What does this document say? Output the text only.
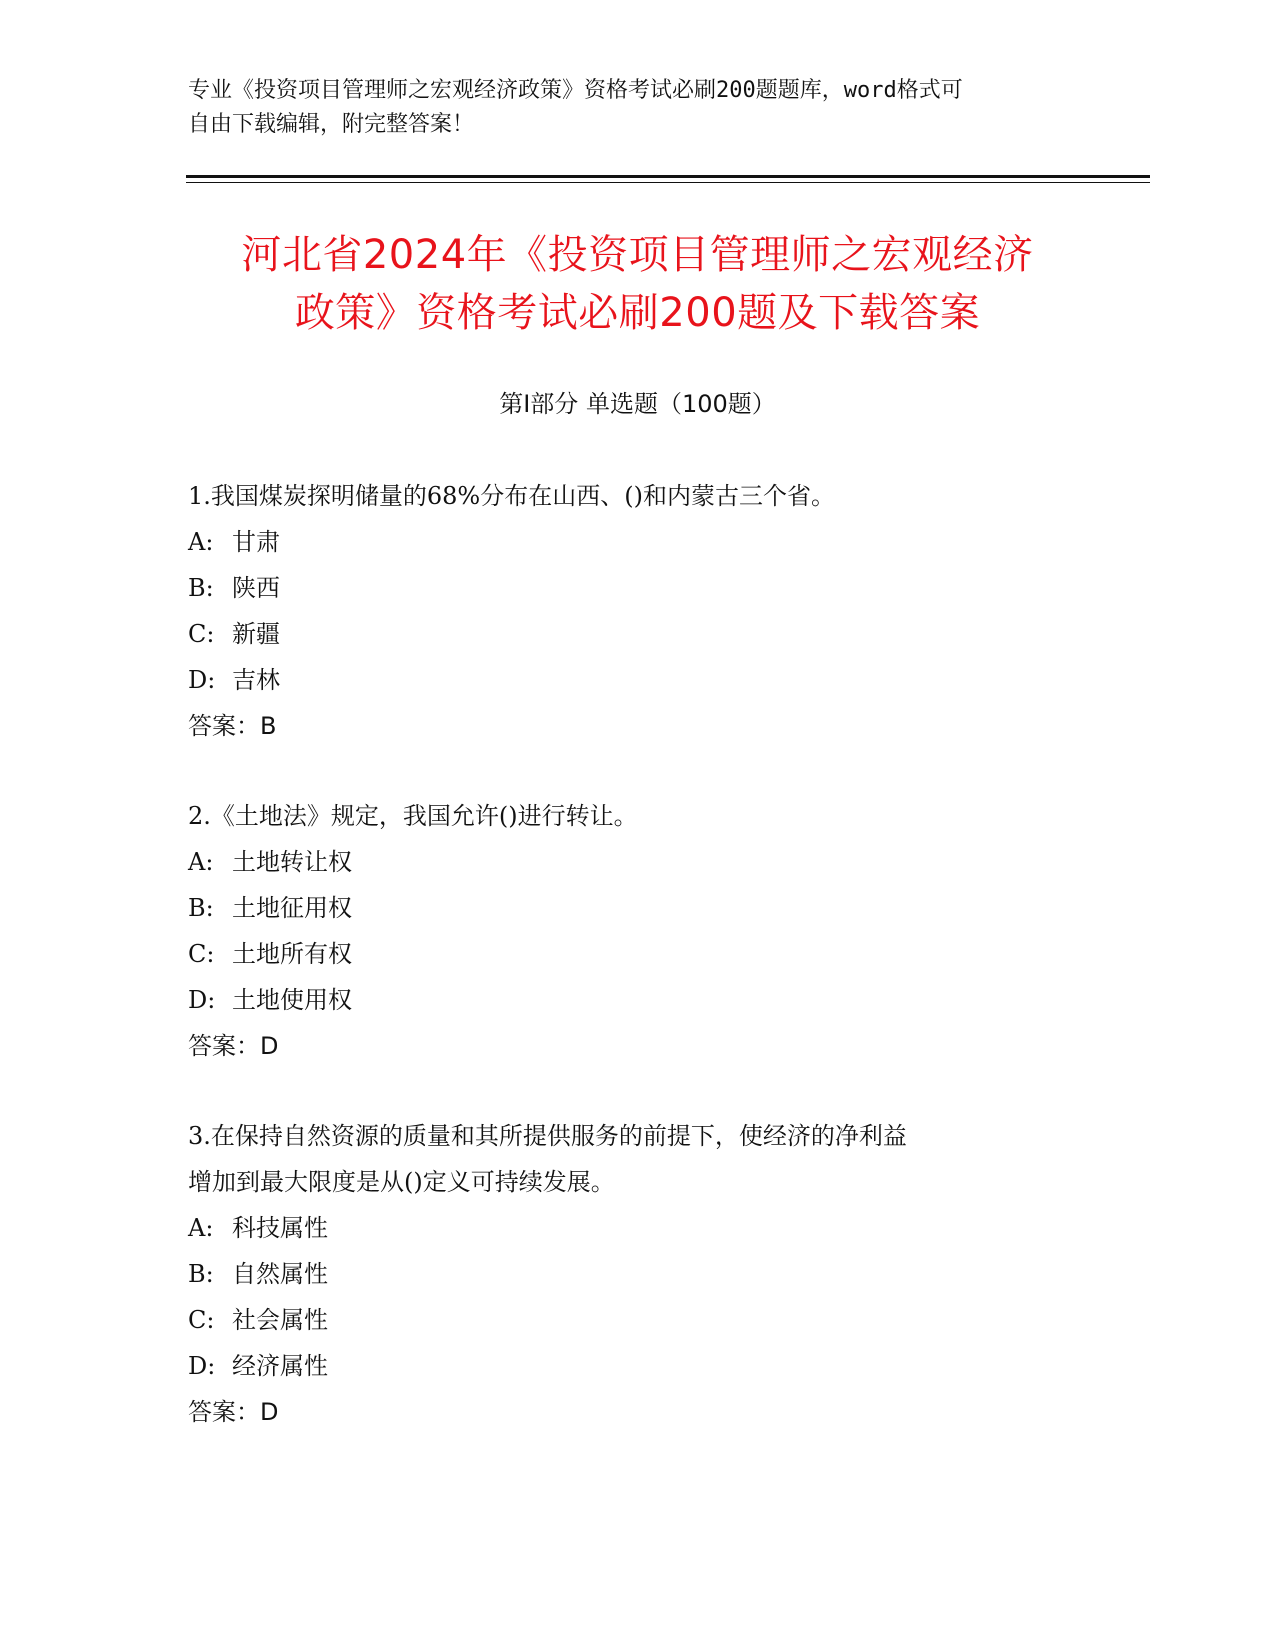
专业《投资项目管理师之宏观经济政策》资格考试必刷200题题库，word格式可
自由下载编辑，附完整答案！
河北省2024年《投资项目管理师之宏观经济
政策》资格考试必刷200题及下载答案
第Ⅰ部分 单选题（100题）
1.我国煤炭探明储量的68%分布在山西、()和内蒙古三个省。
A: 甘肃
B: 陕西
C: 新疆
D: 吉林
答案：B
2.《土地法》规定，我国允许()进行转让。
A: 土地转让权
B: 土地征用权
C: 土地所有权
D: 土地使用权
答案：D
3.在保持自然资源的质量和其所提供服务的前提下，使经济的净利益
增加到最大限度是从()定义可持续发展。
A: 科技属性
B: 自然属性
C: 社会属性
D: 经济属性
答案：D
